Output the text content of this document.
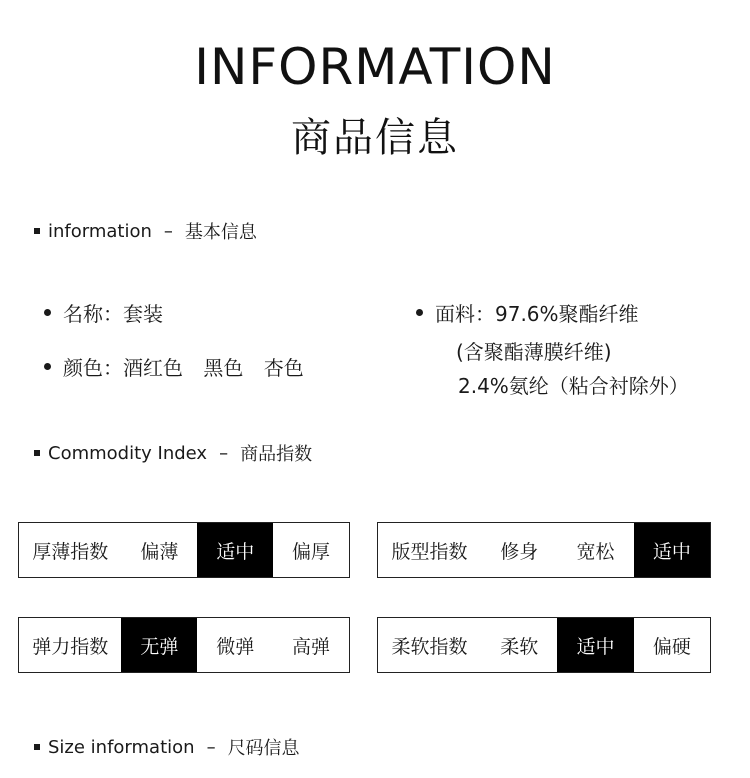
INFORMATION
商品信息
information – 基本信息
名称： 套装
颜色： 酒红色 黑色 杏色
面料： 97.6%聚酯纤维
(含聚酯薄膜纤维)
2.4%氨纶（粘合衬除外）
Commodity Index – 商品指数
厚薄指数	偏薄	适中	偏厚	版型指数	修身	宽松	适中
弹力指数	无弹	微弹	高弹	柔软指数	柔软	适中	偏硬
Size information – 尺码信息
